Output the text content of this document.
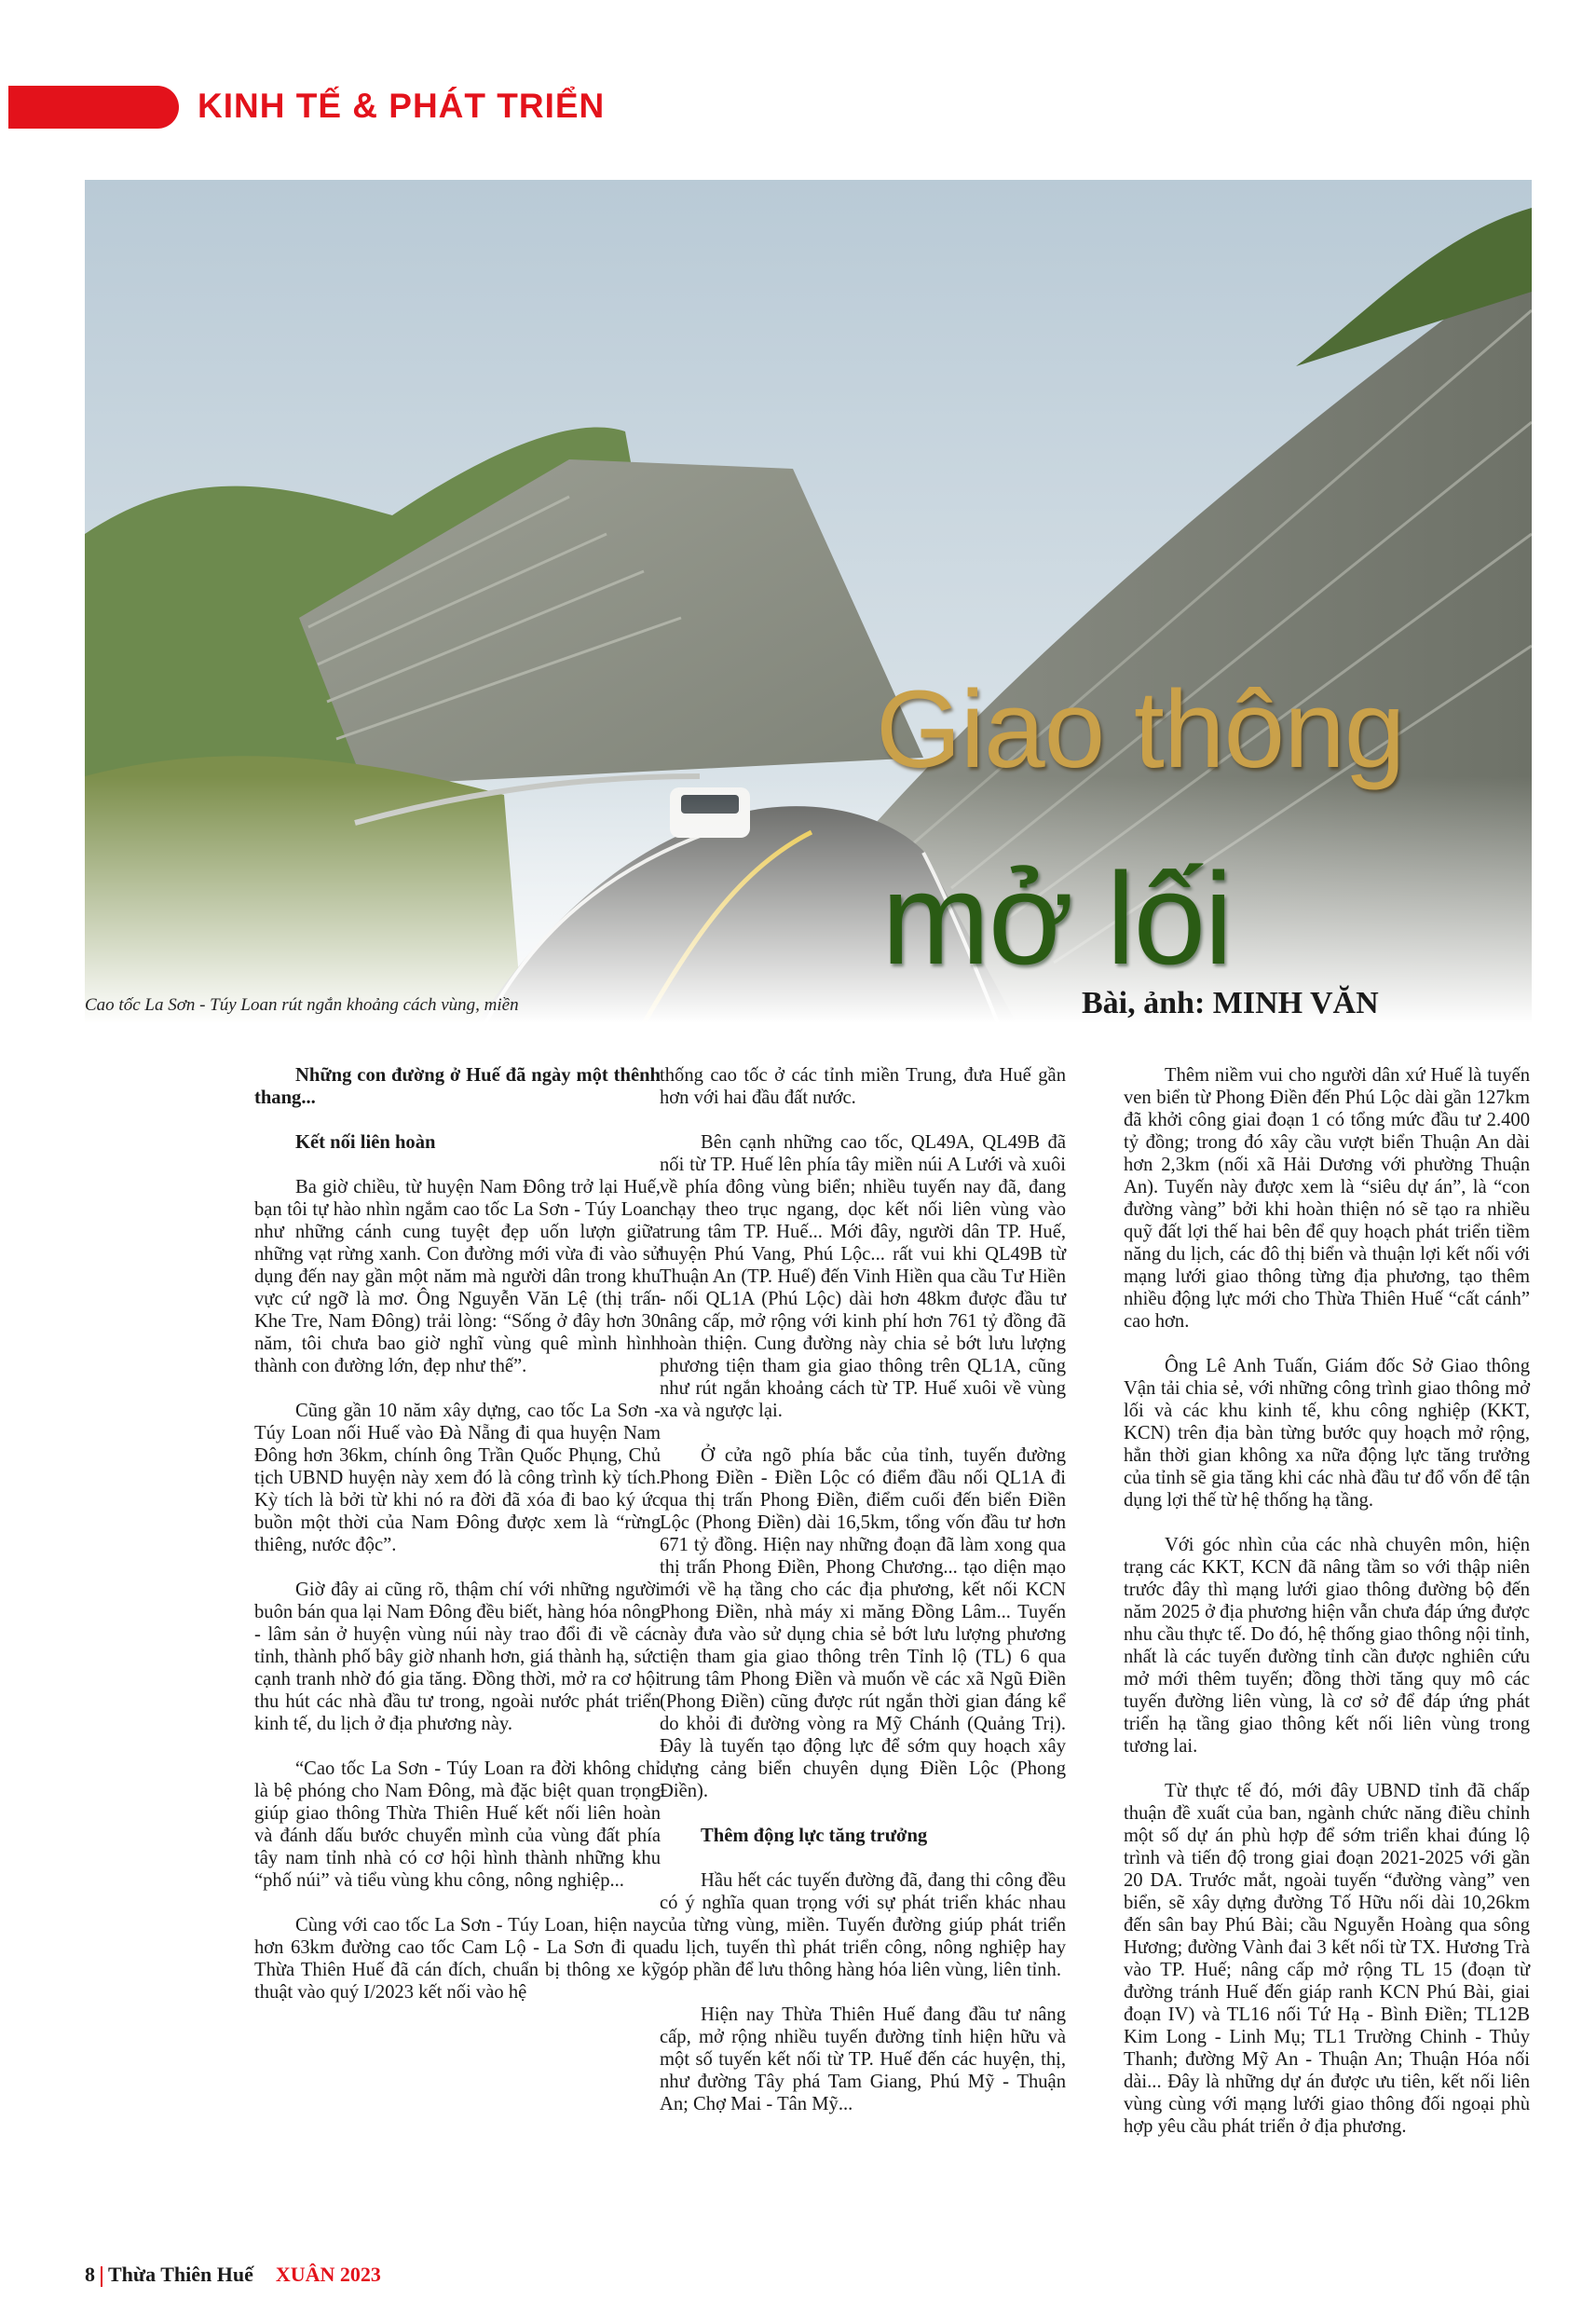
KINH TẾ & PHÁT TRIỂN
Giao thông
mở lối
Cao tốc La Sơn - Túy Loan rút ngắn khoảng cách vùng, miền	Bài, ảnh: MINH VĂN

Những con đường ở Huế đã ngày một thênh thang...

Kết nối liên hoàn

Ba giờ chiều, từ huyện Nam Đông trở lại Huế, bạn tôi tự hào nhìn ngắm cao tốc La Sơn - Túy Loan như những cánh cung tuyệt đẹp uốn lượn giữa những vạt rừng xanh. Con đường mới vừa đi vào sử dụng đến nay gần một năm mà người dân trong khu vực cứ ngỡ là mơ. Ông Nguyễn Văn Lệ (thị trấn Khe Tre, Nam Đông) trải lòng: “Sống ở đây hơn 30 năm, tôi chưa bao giờ nghĩ vùng quê mình hình thành con đường lớn, đẹp như thế”.

Cũng gần 10 năm xây dựng, cao tốc La Sơn - Túy Loan nối Huế vào Đà Nẵng đi qua huyện Nam Đông hơn 36km, chính ông Trần Quốc Phụng, Chủ tịch UBND huyện này xem đó là công trình kỳ tích. Kỳ tích là bởi từ khi nó ra đời đã xóa đi bao ký ức buồn một thời của Nam Đông được xem là “rừng thiêng, nước độc”.

Giờ đây ai cũng rõ, thậm chí với những người buôn bán qua lại Nam Đông đều biết, hàng hóa nông - lâm sản ở huyện vùng núi này trao đổi đi về các tỉnh, thành phố bây giờ nhanh hơn, giá thành hạ, sức cạnh tranh nhờ đó gia tăng. Đồng thời, mở ra cơ hội thu hút các nhà đầu tư trong, ngoài nước phát triển kinh tế, du lịch ở địa phương này.

“Cao tốc La Sơn - Túy Loan ra đời không chỉ là bệ phóng cho Nam Đông, mà đặc biệt quan trọng giúp giao thông Thừa Thiên Huế kết nối liên hoàn và đánh dấu bước chuyển mình của vùng đất phía tây nam tỉnh nhà có cơ hội hình thành những khu “phố núi” và tiểu vùng khu công, nông nghiệp...

Cùng với cao tốc La Sơn - Túy Loan, hiện nay hơn 63km đường cao tốc Cam Lộ - La Sơn đi qua Thừa Thiên Huế đã cán đích, chuẩn bị thông xe kỹ thuật vào quý I/2023 kết nối vào hệ

thống cao tốc ở các tỉnh miền Trung, đưa Huế gần hơn với hai đầu đất nước.

Bên cạnh những cao tốc, QL49A, QL49B đã nối từ TP. Huế lên phía tây miền núi A Lưới và xuôi về phía đông vùng biển; nhiều tuyến nay đã, đang chạy theo trục ngang, dọc kết nối liên vùng vào trung tâm TP. Huế... Mới đây, người dân TP. Huế, huyện Phú Vang, Phú Lộc... rất vui khi QL49B từ Thuận An (TP. Huế) đến Vinh Hiền qua cầu Tư Hiền - nối QL1A (Phú Lộc) dài hơn 48km được đầu tư nâng cấp, mở rộng với kinh phí hơn 761 tỷ đồng đã hoàn thiện. Cung đường này chia sẻ bớt lưu lượng phương tiện tham gia giao thông trên QL1A, cũng như rút ngắn khoảng cách từ TP. Huế xuôi về vùng xa và ngược lại.

Ở cửa ngõ phía bắc của tỉnh, tuyến đường Phong Điền - Điền Lộc có điểm đầu nối QL1A đi qua thị trấn Phong Điền, điểm cuối đến biển Điền Lộc (Phong Điền) dài 16,5km, tổng vốn đầu tư hơn 671 tỷ đồng. Hiện nay những đoạn đã làm xong qua thị trấn Phong Điền, Phong Chương... tạo diện mạo mới về hạ tầng cho các địa phương, kết nối KCN Phong Điền, nhà máy xi măng Đồng Lâm... Tuyến này đưa vào sử dụng chia sẻ bớt lưu lượng phương tiện tham gia giao thông trên Tỉnh lộ (TL) 6 qua trung tâm Phong Điền và muốn về các xã Ngũ Điền (Phong Điền) cũng được rút ngắn thời gian đáng kể do khỏi đi đường vòng ra Mỹ Chánh (Quảng Trị). Đây là tuyến tạo động lực để sớm quy hoạch xây dựng cảng biển chuyên dụng Điền Lộc (Phong Điền).

Thêm động lực tăng trưởng

Hầu hết các tuyến đường đã, đang thi công đều có ý nghĩa quan trọng với sự phát triển khác nhau của từng vùng, miền. Tuyến đường giúp phát triển du lịch, tuyến thì phát triển công, nông nghiệp hay góp phần để lưu thông hàng hóa liên vùng, liên tỉnh.

Hiện nay Thừa Thiên Huế đang đầu tư nâng cấp, mở rộng nhiều tuyến đường tỉnh hiện hữu và một số tuyến kết nối từ TP. Huế đến các huyện, thị, như đường Tây phá Tam Giang, Phú Mỹ - Thuận An; Chợ Mai - Tân Mỹ...

Thêm niềm vui cho người dân xứ Huế là tuyến ven biển từ Phong Điền đến Phú Lộc dài gần 127km đã khởi công giai đoạn 1 có tổng mức đầu tư 2.400 tỷ đồng; trong đó xây cầu vượt biển Thuận An dài hơn 2,3km (nối xã Hải Dương với phường Thuận An). Tuyến này được xem là “siêu dự án”, là “con đường vàng” bởi khi hoàn thiện nó sẽ tạo ra nhiều quỹ đất lợi thế hai bên để quy hoạch phát triển tiềm năng du lịch, các đô thị biển và thuận lợi kết nối với mạng lưới giao thông từng địa phương, tạo thêm nhiều động lực mới cho Thừa Thiên Huế “cất cánh” cao hơn.

Ông Lê Anh Tuấn, Giám đốc Sở Giao thông Vận tải chia sẻ, với những công trình giao thông mở lối và các khu kinh tế, khu công nghiệp (KKT, KCN) trên địa bàn từng bước quy hoạch mở rộng, hẳn thời gian không xa nữa động lực tăng trưởng của tỉnh sẽ gia tăng khi các nhà đầu tư đổ vốn để tận dụng lợi thế từ hệ thống hạ tầng.

Với góc nhìn của các nhà chuyên môn, hiện trạng các KKT, KCN đã nâng tầm so với thập niên trước đây thì mạng lưới giao thông đường bộ đến năm 2025 ở địa phương hiện vẫn chưa đáp ứng được nhu cầu thực tế. Do đó, hệ thống giao thông nội tỉnh, nhất là các tuyến đường tỉnh cần được nghiên cứu mở mới thêm tuyến; đồng thời tăng quy mô các tuyến đường liên vùng, là cơ sở để đáp ứng phát triển hạ tầng giao thông kết nối liên vùng trong tương lai.

Từ thực tế đó, mới đây UBND tỉnh đã chấp thuận đề xuất của ban, ngành chức năng điều chỉnh một số dự án phù hợp để sớm triển khai đúng lộ trình và tiến độ trong giai đoạn 2021-2025 với gần 20 DA. Trước mắt, ngoài tuyến “đường vàng” ven biển, sẽ xây dựng đường Tố Hữu nối dài 10,26km đến sân bay Phú Bài; cầu Nguyễn Hoàng qua sông Hương; đường Vành đai 3 kết nối từ TX. Hương Trà vào TP. Huế; nâng cấp mở rộng TL 15 (đoạn từ đường tránh Huế đến giáp ranh KCN Phú Bài, giai đoạn IV) và TL16 nối Tứ Hạ - Bình Điền; TL12B Kim Long - Linh Mụ; TL1 Trường Chinh - Thủy Thanh; đường Mỹ An - Thuận An; Thuận Hóa nối dài... Đây là những dự án được ưu tiên, kết nối liên vùng cùng với mạng lưới giao thông đối ngoại phù hợp yêu cầu phát triển ở địa phương.

8 Thừa Thiên Huế XUÂN 2023
